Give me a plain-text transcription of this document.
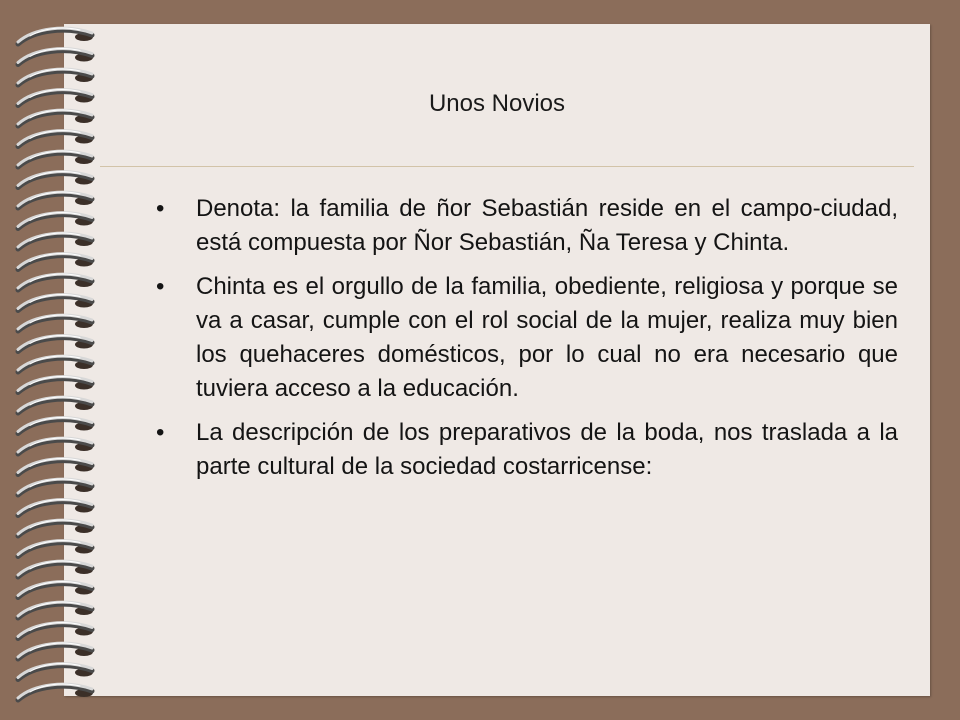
Unos Novios
•	Denota: la familia de ñor Sebastián reside en el campo-ciudad, está compuesta por Ñor Sebastián, Ña Teresa y Chinta.
•	Chinta es el orgullo de la familia, obediente, religiosa y porque se va a casar, cumple con el rol social de la mujer, realiza muy bien los quehaceres domésticos, por lo cual no era necesario que tuviera acceso a la educación.
•	La descripción de los preparativos de la boda, nos traslada a la parte cultural de la sociedad costarricense:
